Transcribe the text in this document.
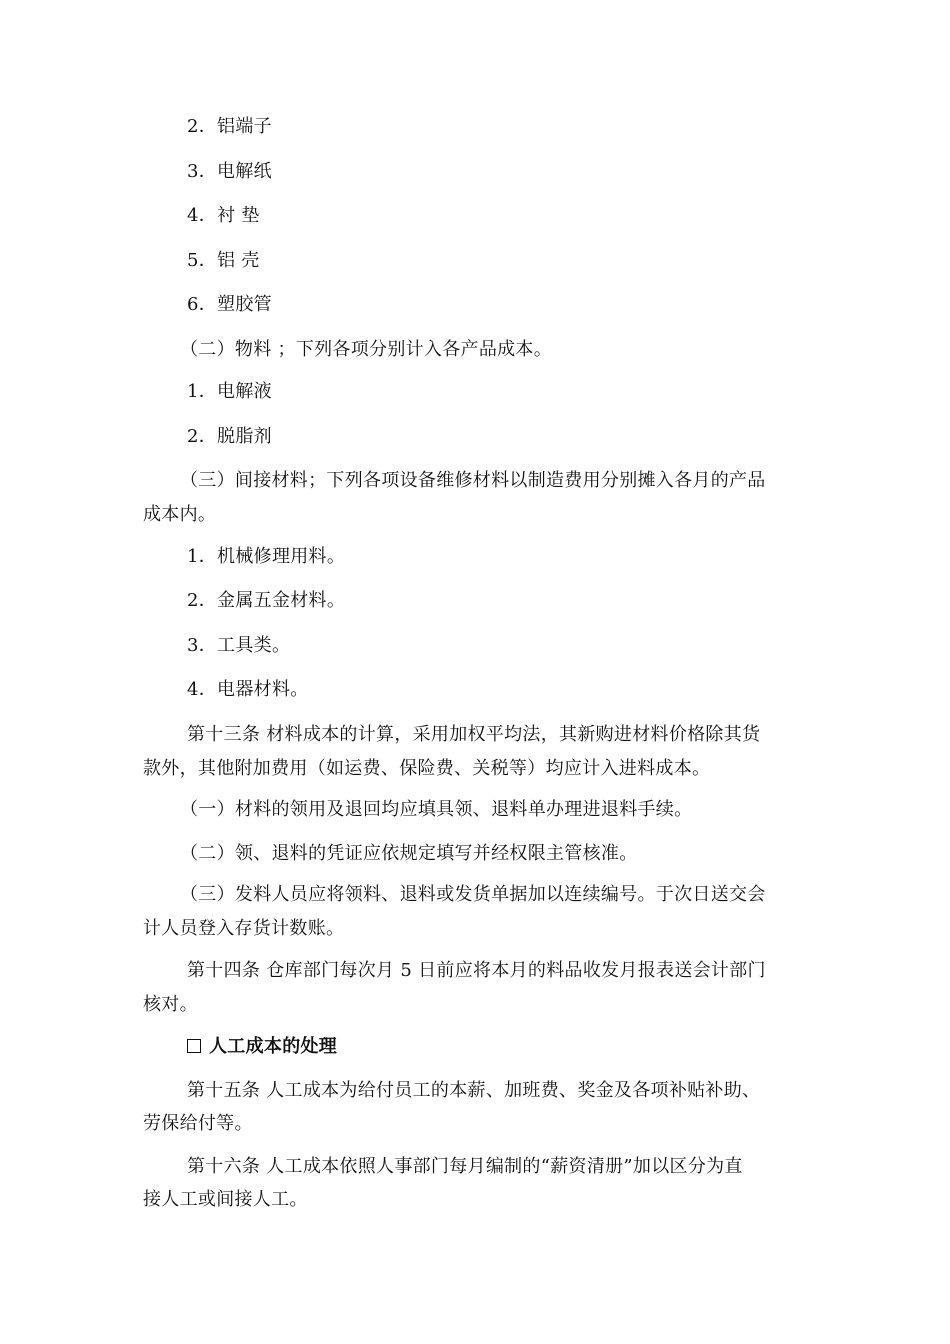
2．铝端子
3．电解纸
4．衬 垫
5．铝 壳
6．塑胶管
（二）物料 ；下列各项分别计入各产品成本。
1．电解液
2．脱脂剂
（三）间接材料；下列各项设备维修材料以制造费用分别摊入各月的产品
成本内。
1．机械修理用料。
2．金属五金材料。
3．工具类。
4．电器材料。
第十三条 材料成本的计算，采用加权平均法，其新购进材料价格除其货
款外，其他附加费用（如运费、保险费、关税等）均应计入进料成本。
（一）材料的领用及退回均应填具领、退料单办理进退料手续。
（二）领、退料的凭证应依规定填写并经权限主管核准。
（三）发料人员应将领料、退料或发货单据加以连续编号。于次日送交会
计人员登入存货计数账。
第十四条 仓库部门每次月 5 日前应将本月的料品收发月报表送会计部门
核对。
人工成本的处理
第十五条 人工成本为给付员工的本薪、加班费、奖金及各项补贴补助、
劳保给付等。
第十六条 人工成本依照人事部门每月编制的“薪资清册”加以区分为直
接人工或间接人工。
